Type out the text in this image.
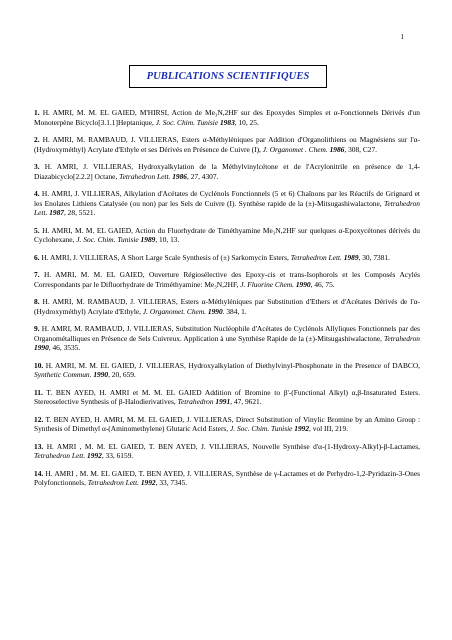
1
PUBLICATIONS SCIENTIFIQUES

1. H. AMRI, M. M. EL GAIED, M'HIRSI, Action de Me₃N,2HF sur des Epoxydes Simples et α-Fonctionnels Dérivés d'un Monoterpène Bicyclo[3.1.1]Heptanique, J. Soc. Chim. Tunisie 1983, 10, 25.

2. H. AMRI, M. RAMBAUD, J. VILLIERAS, Esters α-Méthyléniques par Addition d'Organolithiens ou Magnésiens sur l'α-(Hydroxyméthyl) Acrylate d'Ethyle et ses Dérivés en Présence de Cuivre (I), J. Organomet . Chem. 1986, 308, C27.

3. H. AMRI, J. VILLIERAS, Hydroxyalkylation de la Méthylvinylcétone et de l'Acrylonitrile en présence de 1,4-Diazabicyclo[2.2.2] Octane, Tetrahedron Lett. 1986, 27, 4307.

4. H. AMRI, J. VILLIERAS, Alkylation d'Acétates de Cyclénols Fonctionnels (5 et 6) Chaînons par les Réactifs de Grignard et les Enolates Lithiens Catalysée (ou non) par les Sels de Cuivre (I). Synthèse rapide de la (±)-Mitsugashiwalactone, Tetrahedron Lett. 1987, 28, 5521.

5. H. AMRI, M. M. EL GAIED, Action du Fluorhydrate de Timéthyamine Me₃N,2HF sur quelques α-Epoxycétones dérivés du Cyclohexane, J. Soc. Chim. Tunisie 1989, 10, 13.

6. H. AMRI, J. VILLIERAS, A Short Large Scale Synthesis of (±) Sarkomycin Esters, Tetrahedron Lett. 1989, 30, 7381.

7. H. AMRI, M. M. EL GAIED, Ouverture Régiosélective des Epoxy-cis et trans-Isophorols et les Composés Acylés Correspondants par le Difluorhydrate de Triméthyamine: Me₃N,2HF, J. Fluorine Chem. 1990, 46, 75.

8. H. AMRI, M. RAMBAUD, J. VILLIERAS, Esters α-Méthyléniques par Substitution d'Ethers et d'Acétates Dérivés de l'α-(Hydroxyméthyl) Acrylate d'Ethyle, J. Organomet. Chem. 1990. 384, 1.

9. H. AMRI, M. RAMBAUD, J. VILLIERAS, Substitution Nucléophile d'Acétates de Cyclénols Allyliques Fonctionnels par des Organométalliques en Présence de Sels Cuivreux. Application à une Synthèse Rapide de la (±)-Mitsugashiwalactone, Tetrahedron 1990, 46, 3535.

10. H. AMRI, M. M. EL GAIED, J. VILLIERAS, Hydroxyalkylation of Diethylvinyl-Phosphonate in the Presence of DABCO, Synthetic Commun. 1990, 20, 659.

11. T. BEN AYED, H. AMRI et M. M. EL GAIED Addition of Bromine to β'-(Functional Alkyl) α,β-Insaturated Esters. Stereoselective Synthesis of β-Halodierivatives, Tetrahedron 1991, 47, 9621.

12. T. BEN AYED, H. AMRI, M. M. EL GAIED, J. VILLIERAS, Direct Substitution of Vinylic Bromine by an Amino Group : Synthesis of Dimethyl α-(Aminomethylene) Glutaric Acid Esters, J. Soc. Chim. Tunisie 1992, vol III, 219.

13. H. AMRI , M. M. EL GAIED, T. BEN AYED, J. VILLIERAS, Nouvelle Synthèse d'α-(1-Hydroxy-Alkyl)-β-Lactames, Tetrahedron Lett. 1992, 33, 6159.

14. H. AMRI , M. M. EL GAIED, T. BEN AYED, J. VILLIERAS, Synthèse de γ-Lactames et de Perhydro-1,2-Pyridazin-3-Ones Polyfonctionnels, Tetrahedron Lett. 1992, 33, 7345.
